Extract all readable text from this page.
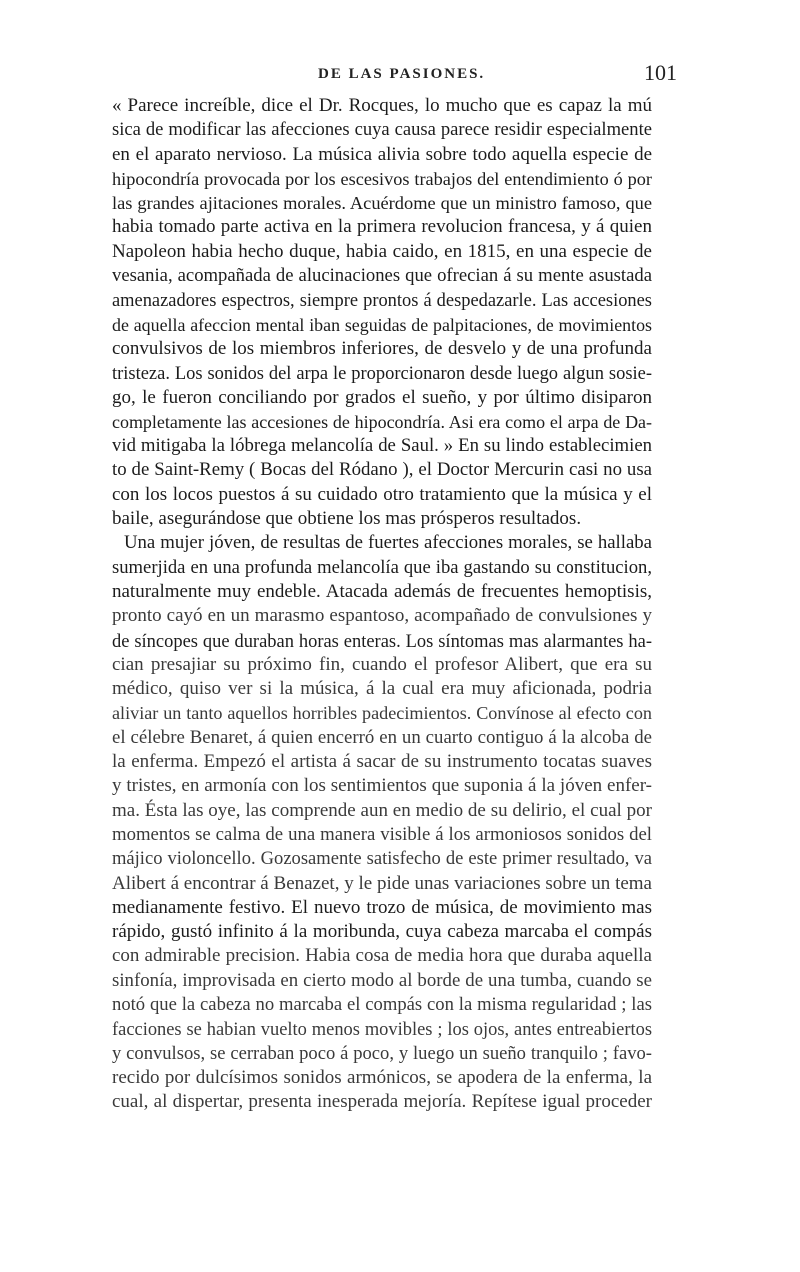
DE LAS PASIONES.	101
« Parece increíble, dice el Dr. Rocques, lo mucho que es capaz la mú
sica de modificar las afecciones cuya causa parece residir especialmente
en el aparato nervioso. La música alivia sobre todo aquella especie de
hipocondría provocada por los escesivos trabajos del entendimiento ó por
las grandes ajitaciones morales. Acuérdome que un ministro famoso, que
habia tomado parte activa en la primera revolucion francesa, y á quien
Napoleon habia hecho duque, habia caido, en 1815, en una especie de
vesania, acompañada de alucinaciones que ofrecian á su mente asustada
amenazadores espectros, siempre prontos á despedazarle. Las accesiones
de aquella afeccion mental iban seguidas de palpitaciones, de movimientos
convulsivos de los miembros inferiores, de desvelo y de una profunda
tristeza. Los sonidos del arpa le proporcionaron desde luego algun sosie-
go, le fueron conciliando por grados el sueño, y por último disiparon
completamente las accesiones de hipocondría. Asi era como el arpa de Da-
vid mitigaba la lóbrega melancolía de Saul. » En su lindo establecimien
to de Saint-Remy ( Bocas del Ródano ), el Doctor Mercurin casi no usa
con los locos puestos á su cuidado otro tratamiento que la música y el
baile, asegurándose que obtiene los mas prósperos resultados.
Una mujer jóven, de resultas de fuertes afecciones morales, se hallaba
sumerjida en una profunda melancolía que iba gastando su constitucion,
naturalmente muy endeble. Atacada además de frecuentes hemoptisis,
pronto cayó en un marasmo espantoso, acompañado de convulsiones y
de síncopes que duraban horas enteras. Los síntomas mas alarmantes ha-
cian presajiar su próximo fin, cuando el profesor Alibert, que era su
médico, quiso ver si la música, á la cual era muy aficionada, podria
aliviar un tanto aquellos horribles padecimientos. Convínose al efecto con
el célebre Benaret, á quien encerró en un cuarto contiguo á la alcoba de
la enferma. Empezó el artista á sacar de su instrumento tocatas suaves
y tristes, en armonía con los sentimientos que suponia á la jóven enfer-
ma. Ésta las oye, las comprende aun en medio de su delirio, el cual por
momentos se calma de una manera visible á los armoniosos sonidos del
májico violoncello. Gozosamente satisfecho de este primer resultado, va
Alibert á encontrar á Benazet, y le pide unas variaciones sobre un tema
medianamente festivo. El nuevo trozo de música, de movimiento mas
rápido, gustó infinito á la moribunda, cuya cabeza marcaba el compás
con admirable precision. Habia cosa de media hora que duraba aquella
sinfonía, improvisada en cierto modo al borde de una tumba, cuando se
notó que la cabeza no marcaba el compás con la misma regularidad ; las
facciones se habian vuelto menos movibles ; los ojos, antes entreabiertos
y convulsos, se cerraban poco á poco, y luego un sueño tranquilo ; favo-
recido por dulcísimos sonidos armónicos, se apodera de la enferma, la
cual, al dispertar, presenta inesperada mejoría. Repítese igual proceder
